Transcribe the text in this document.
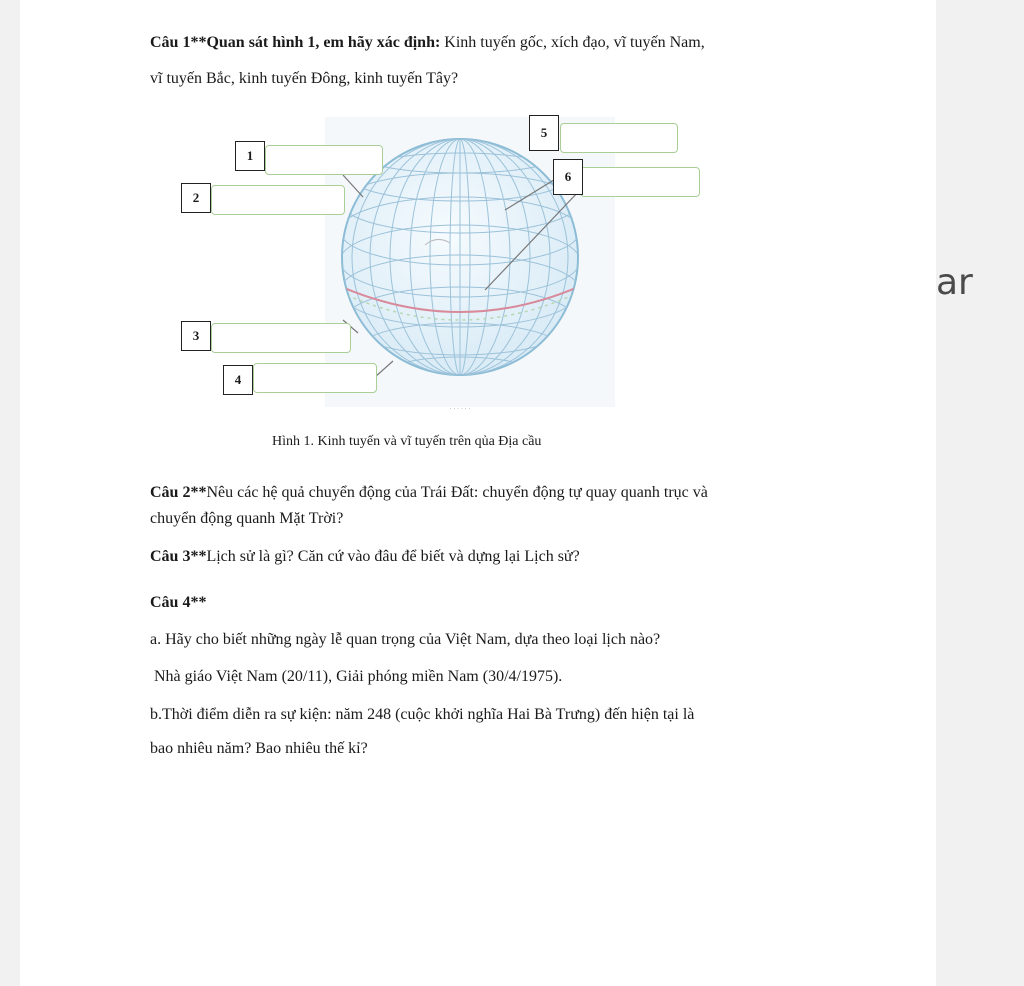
ar
Câu 1**Quan sát hình 1, em hãy xác định: Kinh tuyến gốc, xích đạo, vĩ tuyến Nam,
vĩ tuyến Bắc, kinh tuyến Đông, kinh tuyến Tây?
· · · · · ·
1
2
3
4
5
6
Hình 1. Kinh tuyến và vĩ tuyến trên qủa Địa cầu
Câu 2**Nêu các hệ quả chuyển động của Trái Đất: chuyển động tự quay quanh trục và
chuyển động quanh Mặt Trời?
Câu 3**Lịch sử là gì? Căn cứ vào đâu để biết và dựng lại Lịch sử?
Câu 4**
a. Hãy cho biết những ngày lễ quan trọng của Việt Nam, dựa theo loại lịch nào?
Nhà giáo Việt Nam (20/11), Giải phóng miền Nam (30/4/1975).
b.Thời điểm diễn ra sự kiện: năm 248 (cuộc khởi nghĩa Hai Bà Trưng) đến hiện tại là
bao nhiêu năm? Bao nhiêu thế kỉ?
